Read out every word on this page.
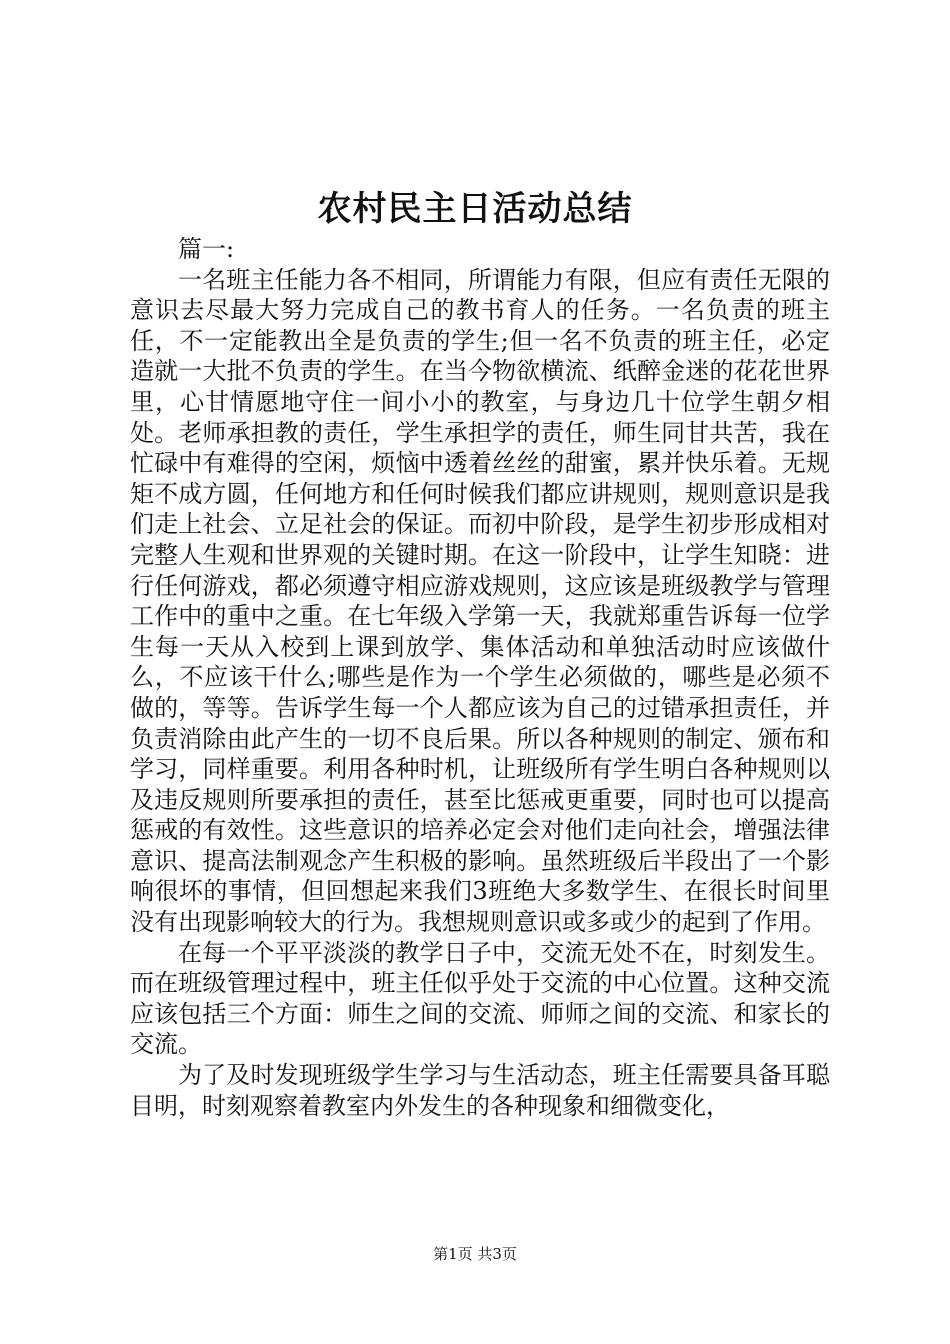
农村民主日活动总结

篇一:

一名班主任能力各不相同，所谓能力有限，但应有责任无限的意识去尽最大努力完成自己的教书育人的任务。一名负责的班主任，不一定能教出全是负责的学生;但一名不负责的班主任，必定造就一大批不负责的学生。在当今物欲横流、纸醉金迷的花花世界里，心甘情愿地守住一间小小的教室，与身边几十位学生朝夕相处。老师承担教的责任，学生承担学的责任，师生同甘共苦，我在忙碌中有难得的空闲，烦恼中透着丝丝的甜蜜，累并快乐着。无规矩不成方圆，任何地方和任何时候我们都应讲规则，规则意识是我们走上社会、立足社会的保证。而初中阶段，是学生初步形成相对完整人生观和世界观的关键时期。在这一阶段中，让学生知晓：进行任何游戏，都必须遵守相应游戏规则，这应该是班级教学与管理工作中的重中之重。在七年级入学第一天，我就郑重告诉每一位学生每一天从入校到上课到放学、集体活动和单独活动时应该做什么，不应该干什么;哪些是作为一个学生必须做的，哪些是必须不做的，等等。告诉学生每一个人都应该为自己的过错承担责任，并负责消除由此产生的一切不良后果。所以各种规则的制定、颁布和学习，同样重要。利用各种时机，让班级所有学生明白各种规则以及违反规则所要承担的责任，甚至比惩戒更重要，同时也可以提高惩戒的有效性。这些意识的培养必定会对他们走向社会，增强法律意识、提高法制观念产生积极的影响。虽然班级后半段出了一个影响很坏的事情，但回想起来我们3班绝大多数学生、在很长时间里没有出现影响较大的行为。我想规则意识或多或少的起到了作用。

在每一个平平淡淡的教学日子中，交流无处不在，时刻发生。而在班级管理过程中，班主任似乎处于交流的中心位置。这种交流应该包括三个方面：师生之间的交流、师师之间的交流、和家长的交流。

为了及时发现班级学生学习与生活动态，班主任需要具备耳聪目明，时刻观察着教室内外发生的各种现象和细微变化，

第1页 共3页
